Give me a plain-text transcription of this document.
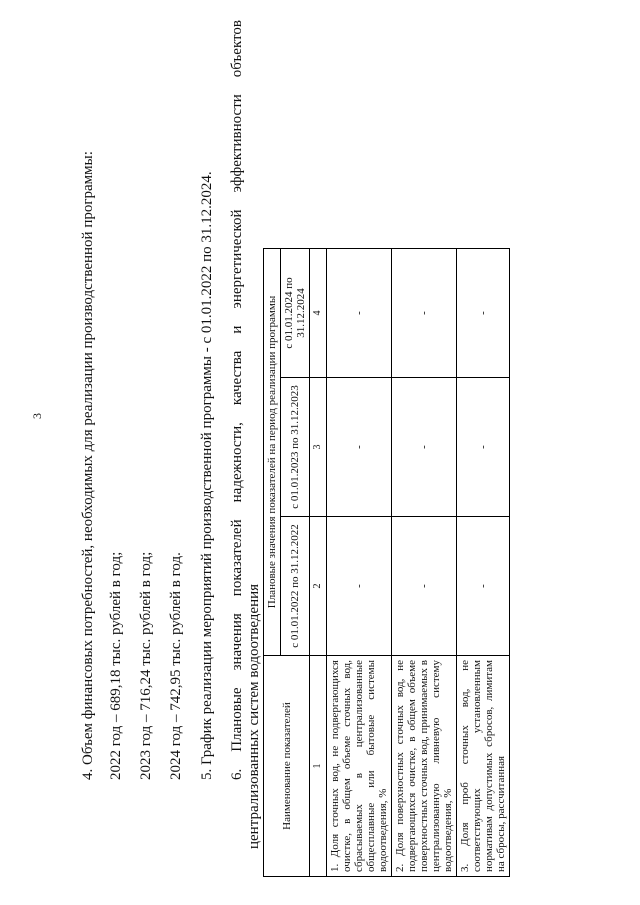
3 4. Объем финансовых потребностей, необходимых для реализации производственной программы: 2022 год – 689,18 тыс. рублей в год; 2023 год – 716,24 тыс. рублей в год; 2024 год – 742,95 тыс. рублей в год. 5. График реализации мероприятий производственной программы - с 01.01.2022 по 31.12.2024. 6. Плановые значения показателей надежности, качества и энергетической эффективности объектов централизованных систем водоотведения Наименование показателей	Плановые значения показателей на период реализации программы		
	с 01.01.2022 по 31.12.2022	с 01.01.2023 по 31.12.2023	с 01.01.2024 по 31.12.2024
1	2	3	4
1. Доля сточных вод, не подвергающихся очистке, в общем объеме сточных вод, сбрасываемых в централизованные общесплавные или бытовые системы водоотведения, %	-	-	-
2. Доля поверхностных сточных вод, не подвергающихся очистке, в общем объеме поверхностных сточных вод, принимаемых в централизованную ливневую систему водоотведения, %	-	-	-
3. Доля проб сточных вод, не соответствующих установленным нормативам допустимых сбросов, лимитам на сбросы, рассчитанная	-	-	-
